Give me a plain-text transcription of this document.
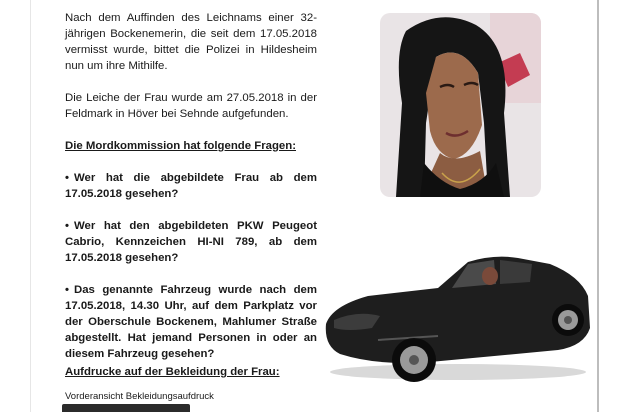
Nach dem Auffinden des Leichnams einer 32-jährigen Bockenemerin, die seit dem 17.05.2018 vermisst wurde, bittet die Polizei in Hildesheim nun um ihre Mithilfe.

Die Leiche der Frau wurde am 27.05.2018 in der Feldmark in Höver bei Sehnde aufgefunden.

Die Mordkommission hat folgende Fragen:

• Wer hat die abgebildete Frau ab dem 17.05.2018 gesehen?

• Wer hat den abgebildeten PKW Peugeot Cabrio, Kennzeichen HI-NI 789, ab dem 17.05.2018 gesehen?

• Das genannte Fahrzeug wurde nach dem 17.05.2018, 14.30 Uhr, auf dem Parkplatz vor der Oberschule Bockenem, Mahlumer Straße abgestellt. Hat jemand Personen in oder an diesem Fahrzeug gesehen?

Aufdrucke auf der Bekleidung der Frau:
Vorderansicht Bekleidungsaufdruck
